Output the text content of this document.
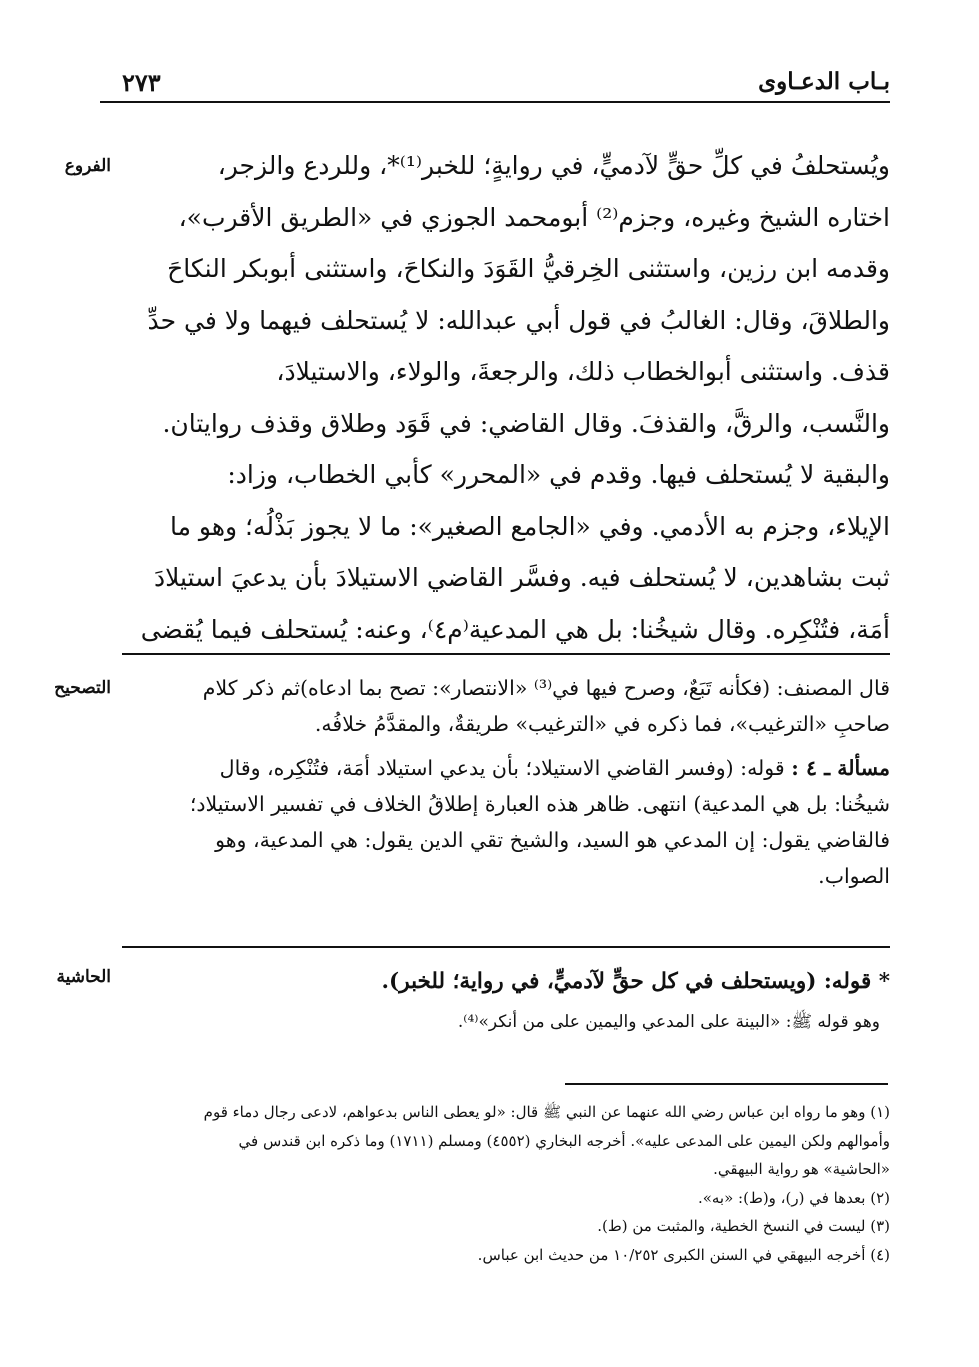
٢٧٣	بـاب الدعـاوى
الفروع
التصحيح
الحاشية
ويُستحلفُ في كلِّ حقٍّ لآدميٍّ، في روايةٍ؛ للخبر⁽¹⁾*، وللردع والزجر،
اختاره الشيخ وغيره، وجزم⁽²⁾ أبومحمد الجوزي في «الطريق الأقرب»،
وقدمه ابن رزين، واستثنى الخِرقيُّ القَوَدَ والنكاحَ، واستثنى أبوبكر النكاحَ
والطلاقَ، وقال: الغالبُ في قول أبي عبدالله: لا يُستحلف فيهما ولا في حدِّ
قذف. واستثنى أبوالخطاب ذلك، والرجعةَ، والولاء، والاستيلادَ،
والنَّسب، والرقَّ، والقذفَ. وقال القاضي: في قَوَد وطلاق وقذف روايتان.
والبقية لا يُستحلف فيها. وقدم في «المحرر» كأبي الخطاب، وزاد:
الإيلاء، وجزم به الأدمي. وفي «الجامع الصغير»: ما لا يجوز بَذْلُه؛ وهو ما
ثبت بشاهدين، لا يُستحلف فيه. وفسَّر القاضي الاستيلادَ بأن يدعيَ استيلادَ
أمَة، فتُنْكِره. وقال شيخُنا: بل هي المدعية⁽م٤⁾، وعنه: يُستحلف فيما يُقضى
قال المصنف: (فكأنه تَبَعٌ، وصرح فيها في⁽³⁾ «الانتصار»: تصح بما ادعاه)ثم ذكر كلام
صاحبِ «الترغيب»، فما ذكره في «الترغيب» طريقةٌ، والمقدَّمُ خلافُه.
مسألة ـ ٤ : قوله: (وفسر القاضي الاستيلاد؛ بأن يدعي استيلاد أمَة، فتُنْكِره، وقال
شيخُنا: بل هي المدعية) انتهى. ظاهر هذه العبارة إطلاقُ الخلاف في تفسير الاستيلاد؛
فالقاضي يقول: إن المدعي هو السيد، والشيخ تقي الدين يقول: هي المدعية، وهو
الصواب.
* قوله: (ويستحلف في كل حقٍّ لآدميٍّ، في رواية؛ للخبر).
وهو قوله ﷺ: «البينة على المدعي واليمين على من أنكر»⁽⁴⁾.
(١) وهو ما رواه ابن عباس رضي الله عنهما عن النبي ﷺ قال: «لو يعطى الناس بدعواهم، لادعى رجال دماء قوم
وأموالهم ولكن اليمين على المدعى عليه». أخرجه البخاري (٤٥٥٢) ومسلم (١٧١١) وما ذكره ابن قندس في
«الحاشية» هو رواية البيهقي.
(٢) بعدها في (ر)، و(ط): «به».
(٣) ليست في النسخ الخطية، والمثبت من (ط).
(٤) أخرجه البيهقي في السنن الكبرى ١٠/٢٥٢ من حديث ابن عباس.
